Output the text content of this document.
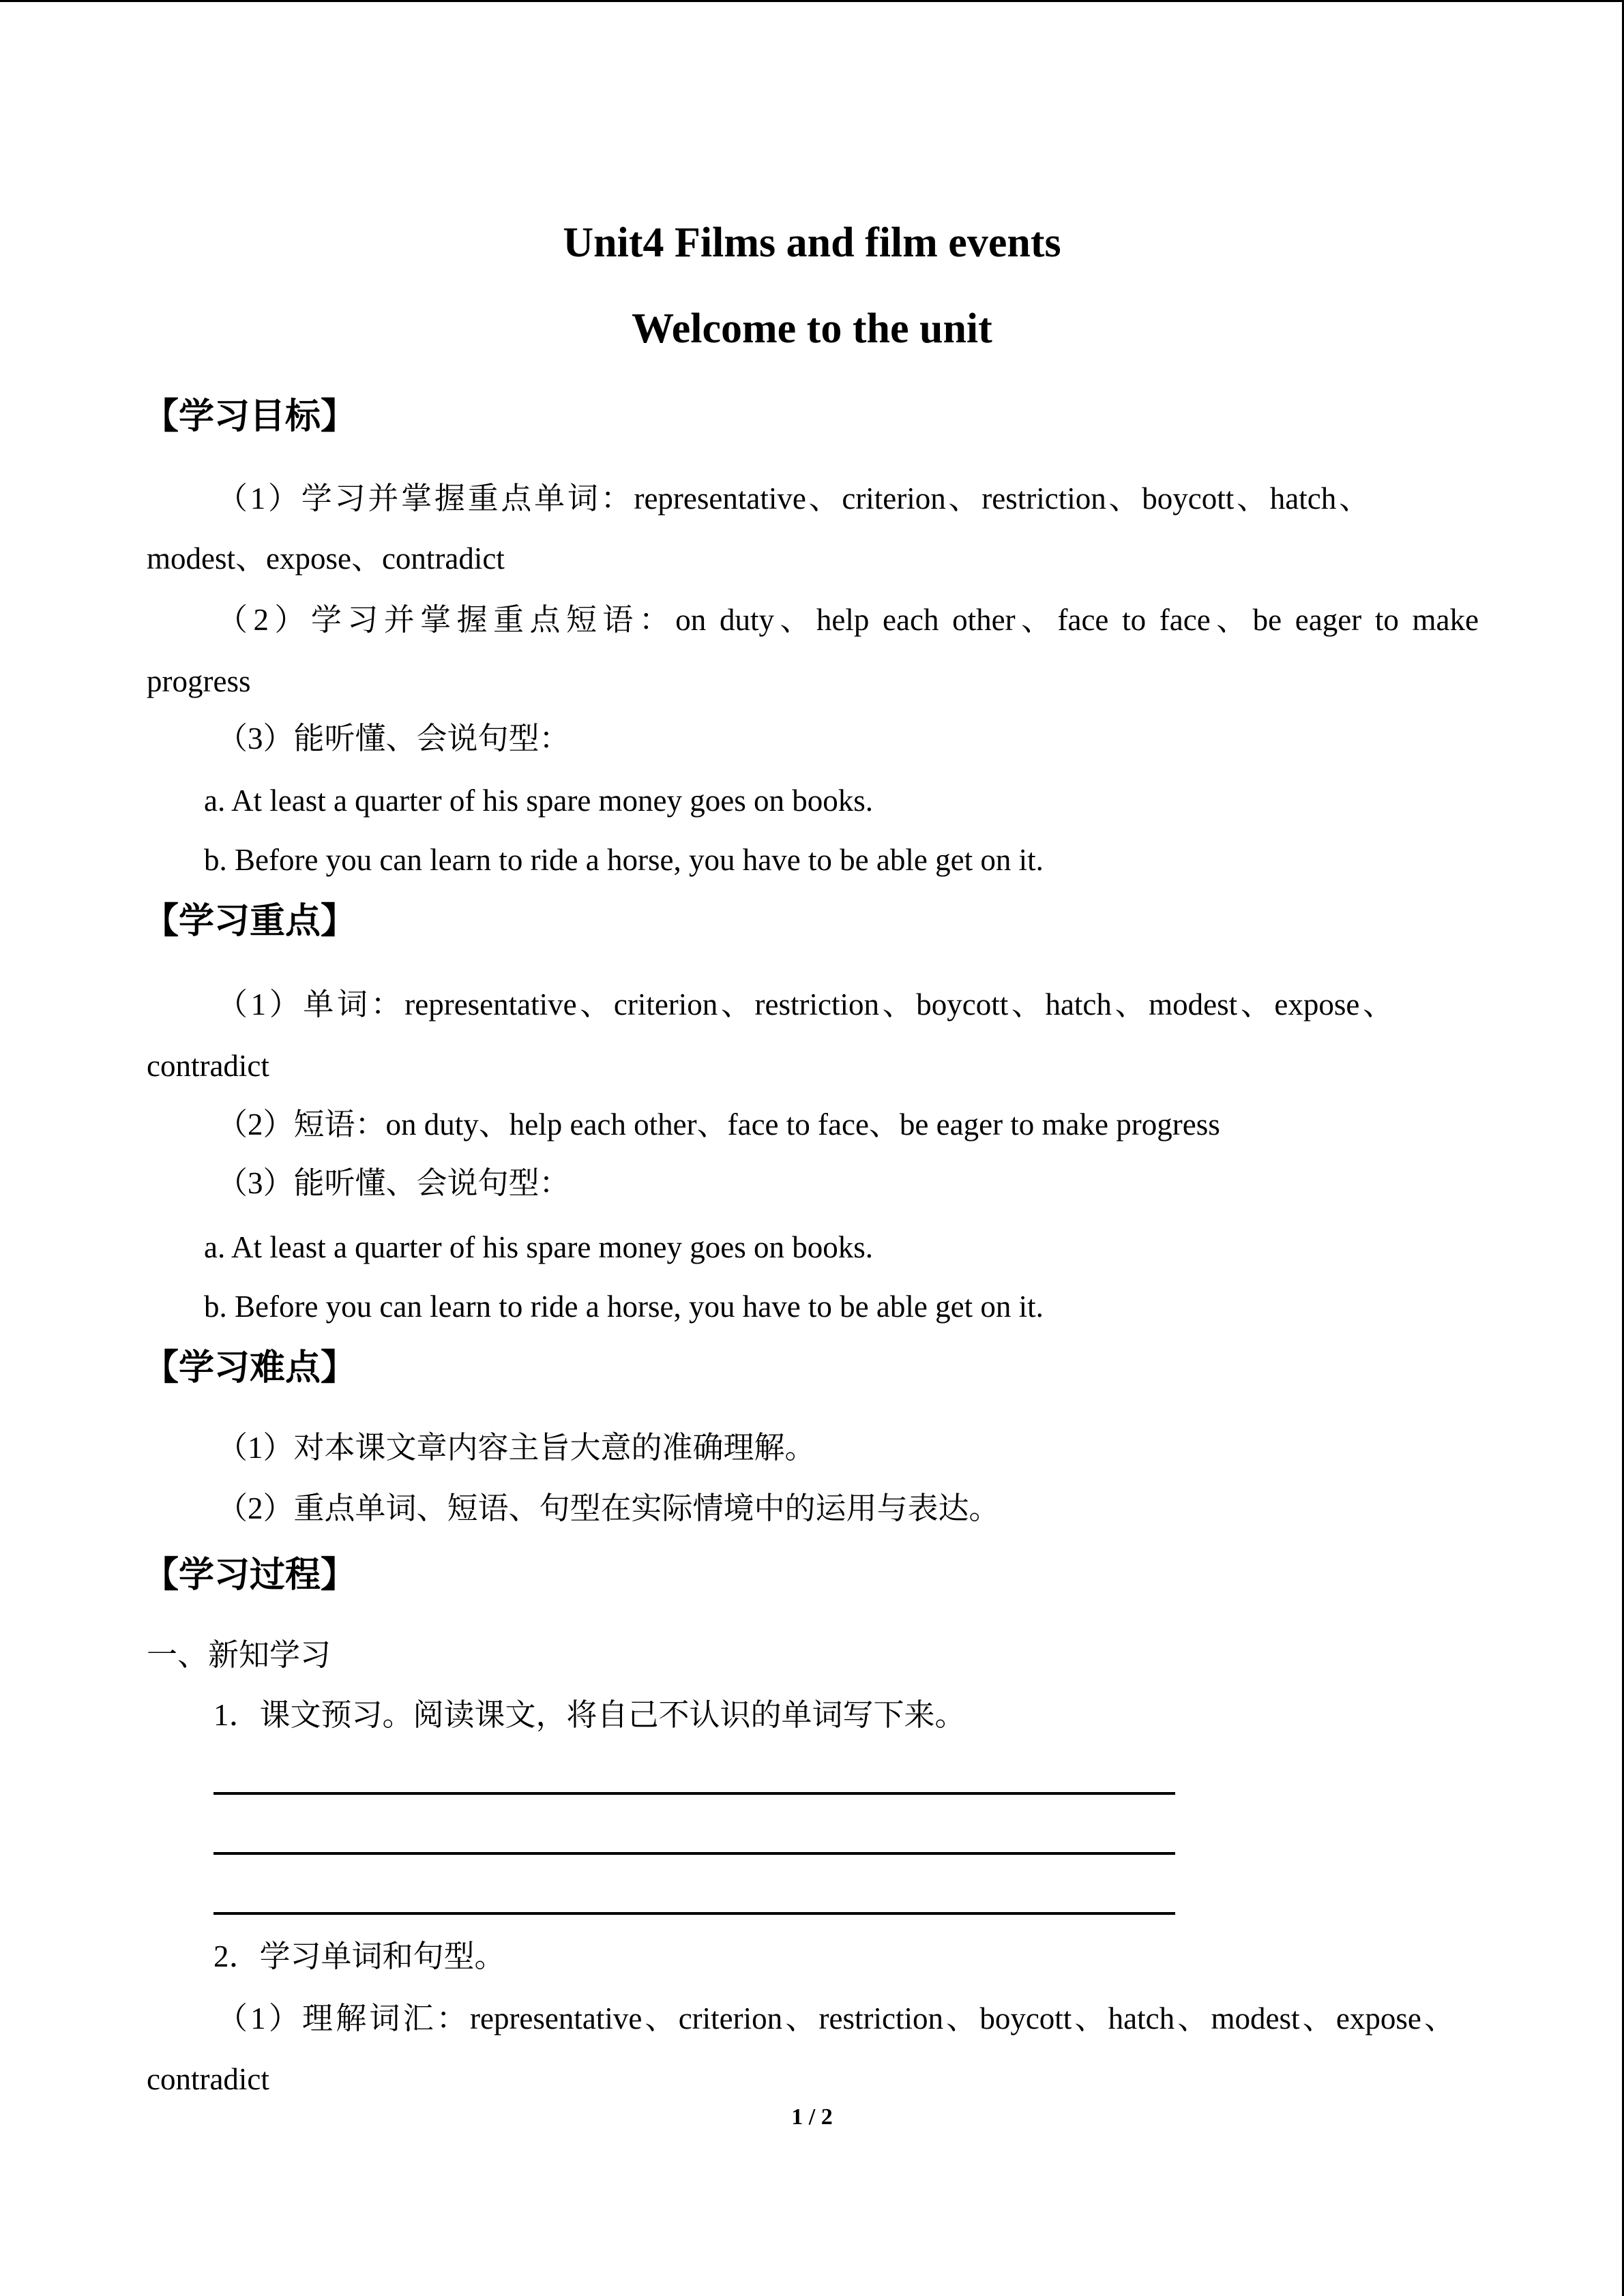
Unit4 Films and film events
Welcome to the unit
【学习目标】
（1）学习并掌握重点单词：representative、criterion、restriction、boycott、hatch、
modest、expose、contradict
（2）学习并掌握重点短语：on duty、help each other、face to face、be eager to make
progress
（3）能听懂、会说句型：
a. At least a quarter of his spare money goes on books.
b. Before you can learn to ride a horse, you have to be able get on it.
【学习重点】
（1）单词：representative、criterion、restriction、boycott、hatch、modest、expose、
contradict
（2）短语：on duty、help each other、face to face、be eager to make progress
（3）能听懂、会说句型：
a. At least a quarter of his spare money goes on books.
b. Before you can learn to ride a horse, you have to be able get on it.
【学习难点】
（1）对本课文章内容主旨大意的准确理解。
（2）重点单词、短语、句型在实际情境中的运用与表达。
【学习过程】
一、新知学习
1．课文预习。阅读课文，将自己不认识的单词写下来。
2．学习单词和句型。
（1）理解词汇：representative、criterion、restriction、boycott、hatch、modest、expose、
contradict
1 / 2
